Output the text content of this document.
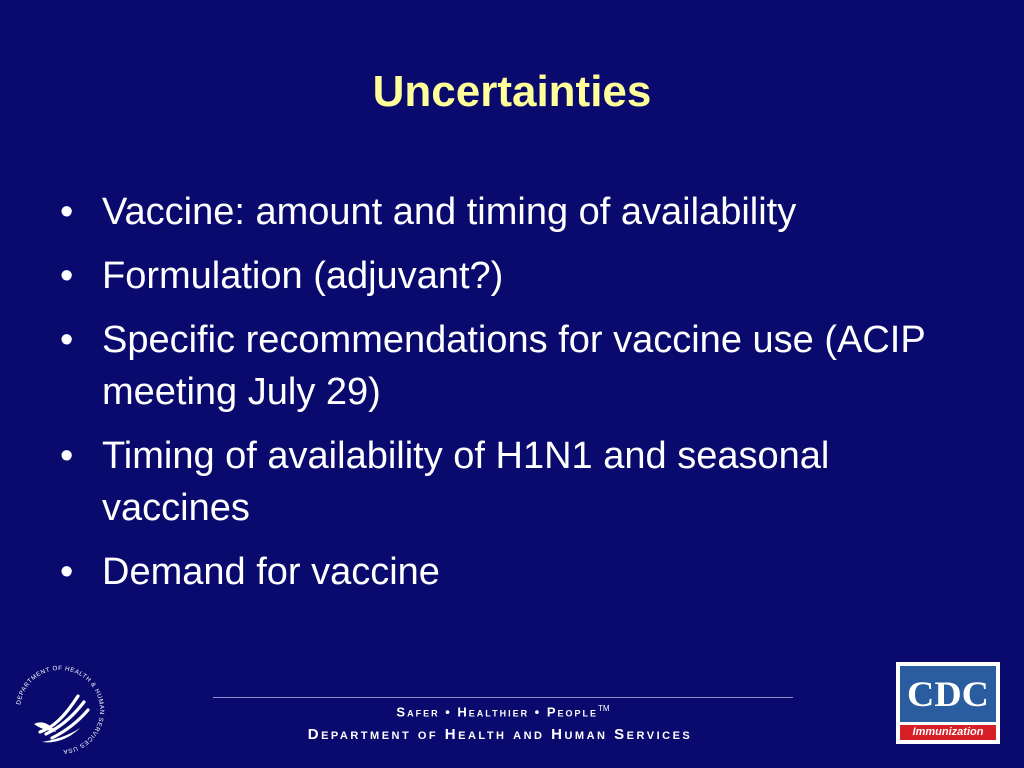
Uncertainties
• Vaccine: amount and timing of availability
• Formulation (adjuvant?)
• Specific recommendations for vaccine use (ACIP meeting July 29)
• Timing of availability of H1N1 and seasonal vaccines
• Demand for vaccine
DEPARTMENT OF HEALTH & HUMAN SERVICES USA
Safer • Healthier • People™
Department of Health and Human Services
CDC
Immunization
